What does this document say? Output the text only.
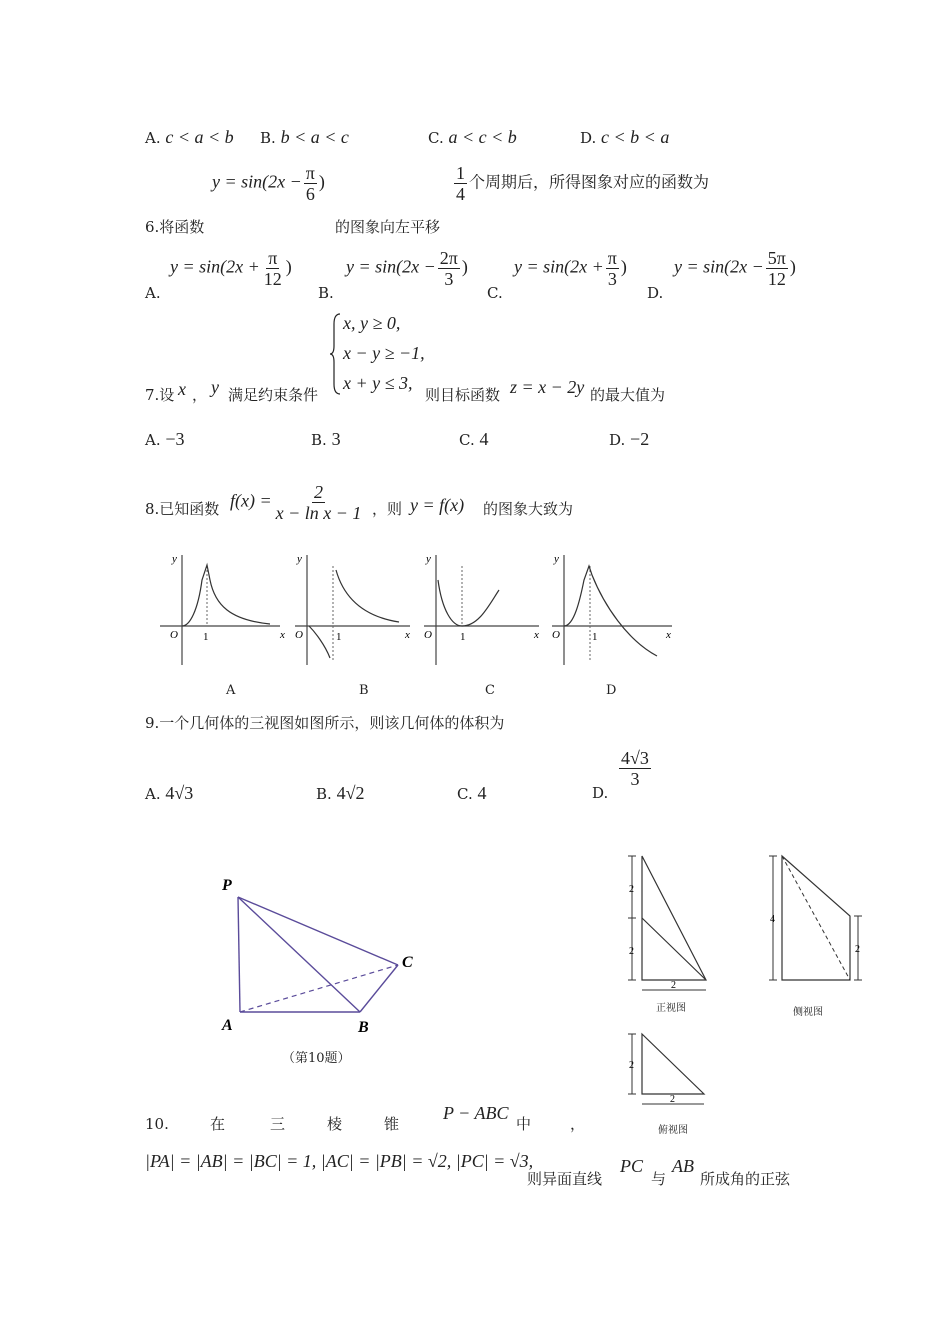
A. c < a < b B. b < a < c	C. a < c < b	D. c < b < a
$y = \sin(2x - \frac{\pi}{6}$ )	$\frac{1}{4}$ 个周期后，所得图象对应的函数为
6.将函数	的图象向左平移
A.
$y = \sin(2x + \frac{\pi}{12}$ )
B.
$y = \sin(2x - \frac{2\pi}{3}$ )
C.
$y = \sin(2x + \frac{\pi}{3}$ )
D.
$y = \sin(2x - \frac{5\pi}{12}$ )
7.设 x ， y 满足约束条件
x, y ≥ 0,
x − y ≥ −1,
x + y ≤ 3,
则目标函数 z = x − 2y 的最大值为
A. −3	B. 3	C. 4	D. −2
8.已知函数 $f(x) = \frac{2}{\text{x − ln x − 1}}$ ，则 y = f(x) 的图象大致为
y
x
O 1
y
x
O	1
y
x
O	1
y
x
O	1
A	B	C	D
9.一个几何体的三视图如图所示，则该几何体的体积为
A. 4√3	B. 4√2	C. 4	D.
$\frac{4√3}{3}$
P
A	B
C
（第10题）
2
2
2
4
2
2
2
正视图	侧视图
俯视图
10.	在	三	棱	锥
P − ABC
中	，
|PA| = |AB| = |BC| = 1, |AC| = |PB| = √2, |PC| = √3,
则异面直线
PC
与
AB
所成角的正弦
